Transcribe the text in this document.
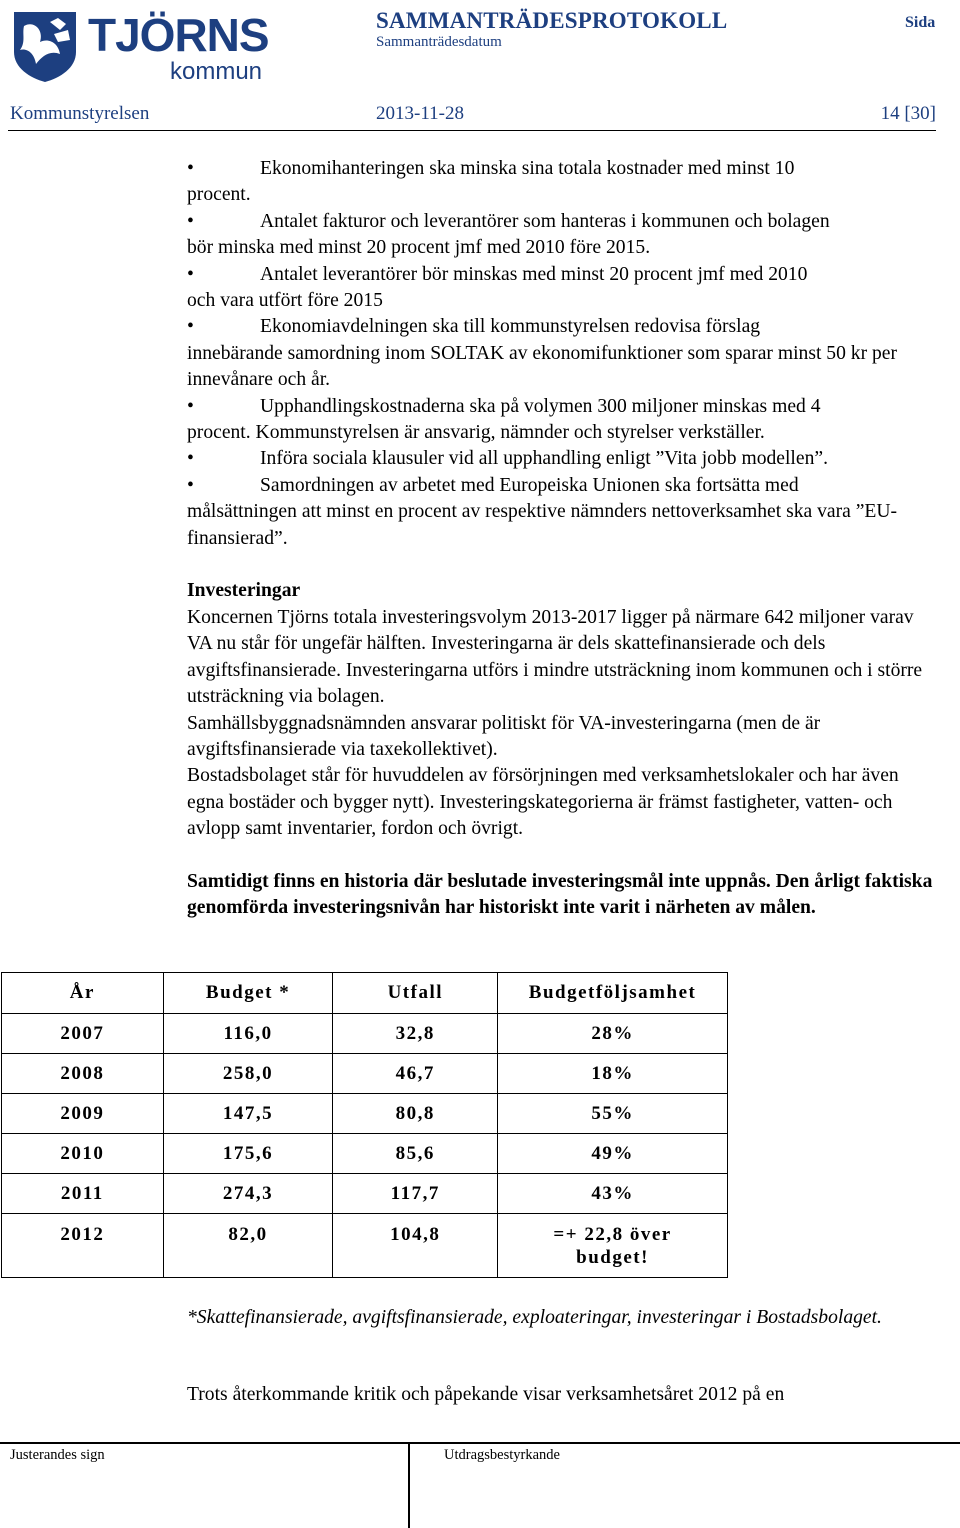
TJÖRNS
kommun
SAMMANTRÄDESPROTOKOLL
Sammanträdesdatum
Sida
Kommunstyrelsen	2013-11-28	14 [30]
•	Ekonomihanteringen ska minska sina totala kostnader med minst 10
procent.
•	Antalet fakturor och leverantörer som hanteras i kommunen och bolagen
bör minska med minst 20 procent jmf med 2010 före 2015.
•	Antalet leverantörer bör minskas med minst 20 procent jmf med 2010
och vara utfört före 2015
•	Ekonomiavdelningen ska till kommunstyrelsen redovisa förslag
innebärande samordning inom SOLTAK av ekonomifunktioner som sparar minst 50 kr per innevånare och år.
•	Upphandlingskostnaderna ska på volymen 300 miljoner minskas med 4
procent. Kommunstyrelsen är ansvarig, nämnder och styrelser verkställer.
•	Införa sociala klausuler vid all upphandling enligt ”Vita jobb modellen”.
•	Samordningen av arbetet med Europeiska Unionen ska fortsätta med
målsättningen att minst en procent av respektive nämnders nettoverksamhet ska vara ”EU-finansierad”.
Investeringar
Koncernen Tjörns totala investeringsvolym 2013-2017 ligger på närmare 642 miljoner varav VA nu står för ungefär hälften. Investeringarna är dels skattefinansierade och dels avgiftsfinansierade. Investeringarna utförs i mindre utsträckning inom kommunen och i större utsträckning via bolagen.
Samhällsbyggnadsnämnden ansvarar politiskt för VA-investeringarna (men de är avgiftsfinansierade via taxekollektivet).
Bostadsbolaget står för huvuddelen av försörjningen med verksamhetslokaler och har även egna bostäder och bygger nytt). Investeringskategorierna är främst fastigheter, vatten- och avlopp samt inventarier, fordon och övrigt.
Samtidigt finns en historia där beslutade investeringsmål inte uppnås. Den årligt faktiska genomförda investeringsnivån har historiskt inte varit i närheten av målen.
År	Budget *	Utfall	Budgetföljsamhet
2007	116,0	32,8	28%
2008	258,0	46,7	18%
2009	147,5	80,8	55%
2010	175,6	85,6	49%
2011	274,3	117,7	43%
2012	82,0	104,8	=+ 22,8 över budget!
*Skattefinansierade, avgiftsfinansierade, exploateringar, investeringar i Bostadsbolaget.
Trots återkommande kritik och påpekande visar verksamhetsåret 2012 på en
Justerandes sign	Utdragsbestyrkande
